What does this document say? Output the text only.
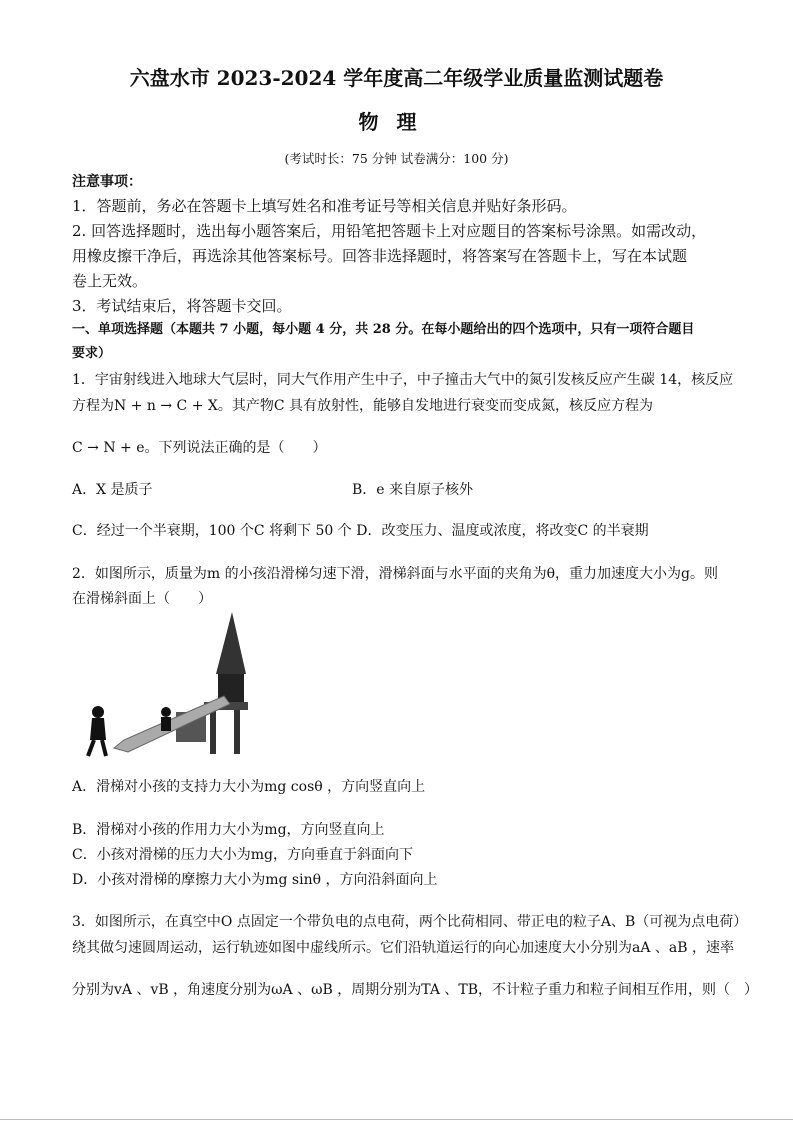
六盘水市 2023-2024 学年度高二年级学业质量监测试题卷
物理
(考试时长：75 分钟 试卷满分：100 分)
注意事项：
1．答题前，务必在答题卡上填写姓名和准考证号等相关信息并贴好条形码。
2. 回答选择题时，选出每小题答案后，用铅笔把答题卡上对应题目的答案标号涂黑。如需改动，
用橡皮擦干净后，再选涂其他答案标号。回答非选择题时，将答案写在答题卡上，写在本试题
卷上无效。
3．考试结束后，将答题卡交回。
一、单项选择题（本题共 7 小题，每小题 4 分，共 28 分。在每小题给出的四个选项中，只有一项符合题目
要求）
1．宇宙射线进入地球大气层时，同大气作用产生中子，中子撞击大气中的氮引发核反应产生碳 14，核反应
方程为N + n → C + X。其产物C 具有放射性，能够自发地进行衰变而变成氮，核反应方程为
C → N + e。下列说法正确的是（　　）
A．X 是质子	B．e 来自原子核外
C．经过一个半衰期，100 个C 将剩下 50 个 D．改变压力、温度或浓度，将改变C 的半衰期
2．如图所示，质量为m 的小孩沿滑梯匀速下滑，滑梯斜面与水平面的夹角为θ，重力加速度大小为g。则
在滑梯斜面上（　　）
A．滑梯对小孩的支持力大小为mg cosθ ，方向竖直向上
B．滑梯对小孩的作用力大小为mg，方向竖直向上
C．小孩对滑梯的压力大小为mg，方向垂直于斜面向下
D．小孩对滑梯的摩擦力大小为mg sinθ ，方向沿斜面向上
3．如图所示，在真空中O 点固定一个带负电的点电荷，两个比荷相同、带正电的粒子A、B（可视为点电荷）
绕其做匀速圆周运动，运行轨迹如图中虚线所示。它们沿轨道运行的向心加速度大小分别为aA 、aB ，速率
分别为vA 、vB ，角速度分别为ωA 、ωB ，周期分别为TA 、TB，不计粒子重力和粒子间相互作用，则（　）
